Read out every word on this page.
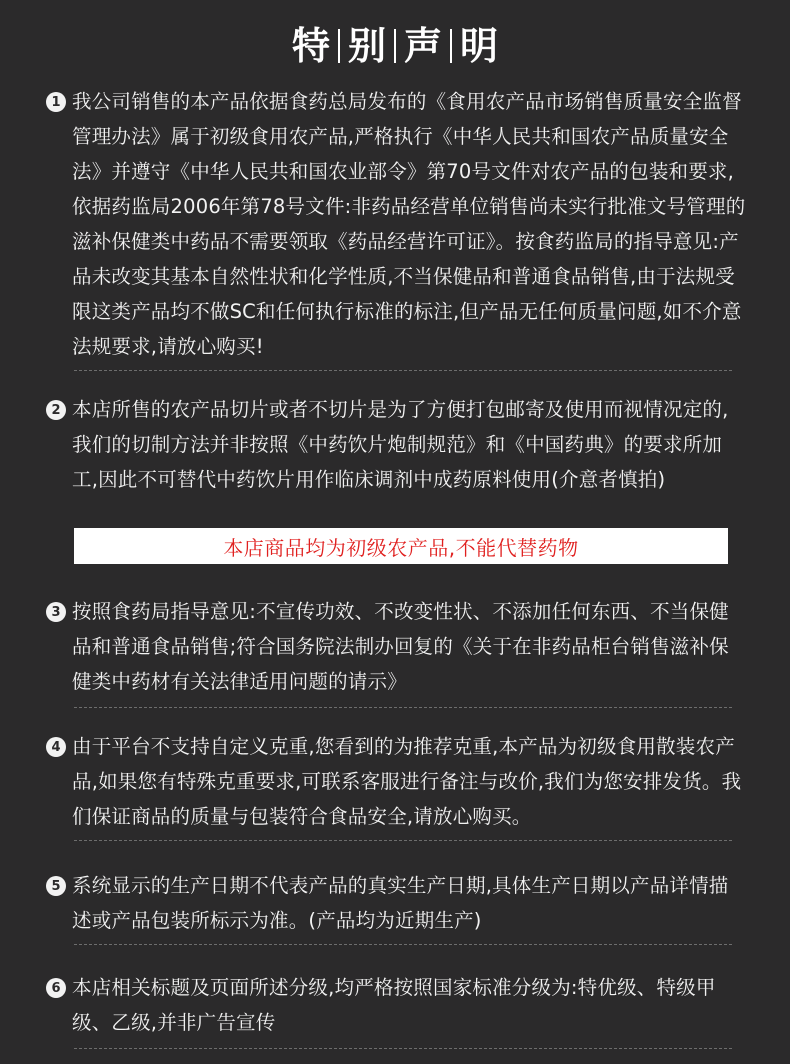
特 别 声 明
1 我公司销售的本产品依据食药总局发布的《食用农产品市场销售质量安全监督管理办法》属于初级食用农产品,严格执行《中华人民共和国农产品质量安全法》并遵守《中华人民共和国农业部令》第70号文件对农产品的包装和要求,依据药监局2006年第78号文件:非药品经营单位销售尚未实行批准文号管理的滋补保健类中药品不需要领取《药品经营许可证》。按食药监局的指导意见:产品未改变其基本自然性状和化学性质,不当保健品和普通食品销售,由于法规受限这类产品均不做SC和任何执行标准的标注,但产品无任何质量问题,如不介意法规要求,请放心购买!
2 本店所售的农产品切片或者不切片是为了方便打包邮寄及使用而视情况定的,我们的切制方法并非按照《中药饮片炮制规范》和《中国药典》的要求所加工,因此不可替代中药饮片用作临床调剂中成药原料使用(介意者慎拍)
本店商品均为初级农产品,不能代替药物
3 按照食药局指导意见:不宣传功效、不改变性状、不添加任何东西、不当保健品和普通食品销售;符合国务院法制办回复的《关于在非药品柜台销售滋补保健类中药材有关法律适用问题的请示》
4 由于平台不支持自定义克重,您看到的为推荐克重,本产品为初级食用散装农产品,如果您有特殊克重要求,可联系客服进行备注与改价,我们为您安排发货。我们保证商品的质量与包装符合食品安全,请放心购买。
5 系统显示的生产日期不代表产品的真实生产日期,具体生产日期以产品详情描述或产品包装所标示为准。(产品均为近期生产)
6 本店相关标题及页面所述分级,均严格按照国家标准分级为:特优级、特级甲级、乙级,并非广告宣传
